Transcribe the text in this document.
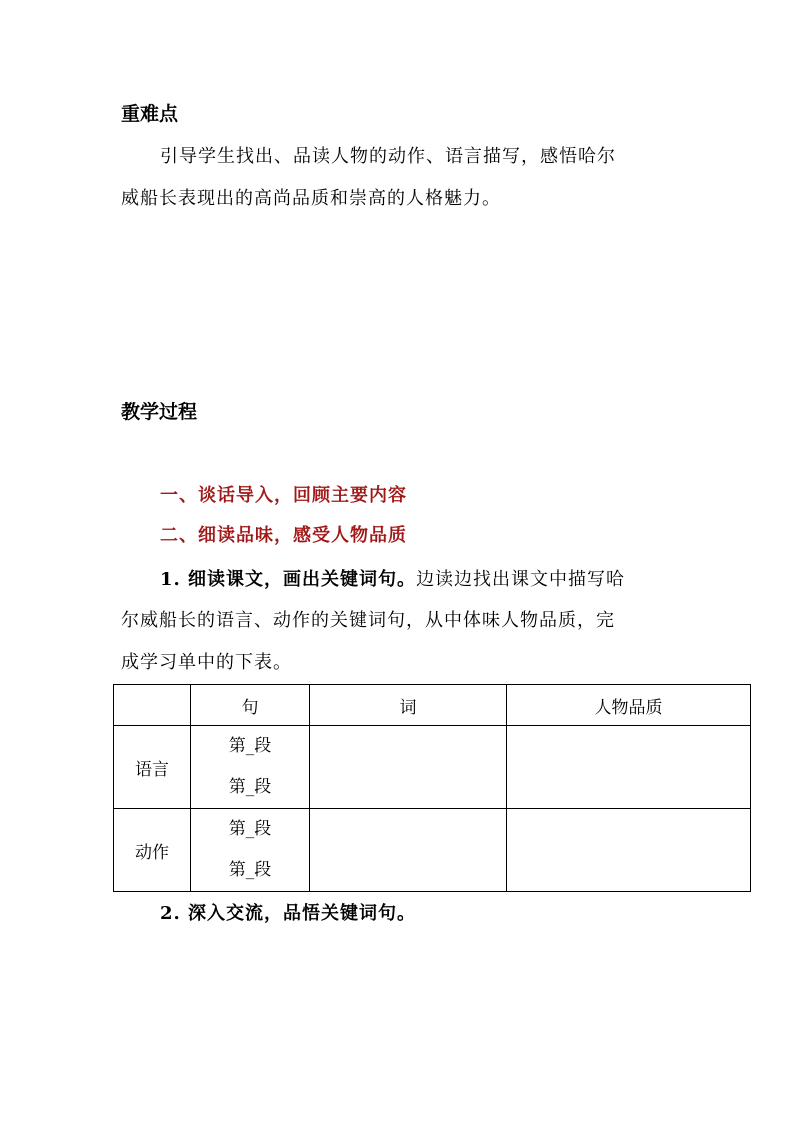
重难点
引导学生找出、品读人物的动作、语言描写，感悟哈尔
威船长表现出的高尚品质和崇高的人格魅力。
教学过程
一、谈话导入，回顾主要内容
二、细读品味，感受人物品质
1. 细读课文，画出关键词句。边读边找出课文中描写哈
尔威船长的语言、动作的关键词句，从中体味人物品质，完
成学习单中的下表。
	句	词	人物品质
语言	第_段
第_段		

动作	第_段
第_段		

2. 深入交流，品悟关键词句。
